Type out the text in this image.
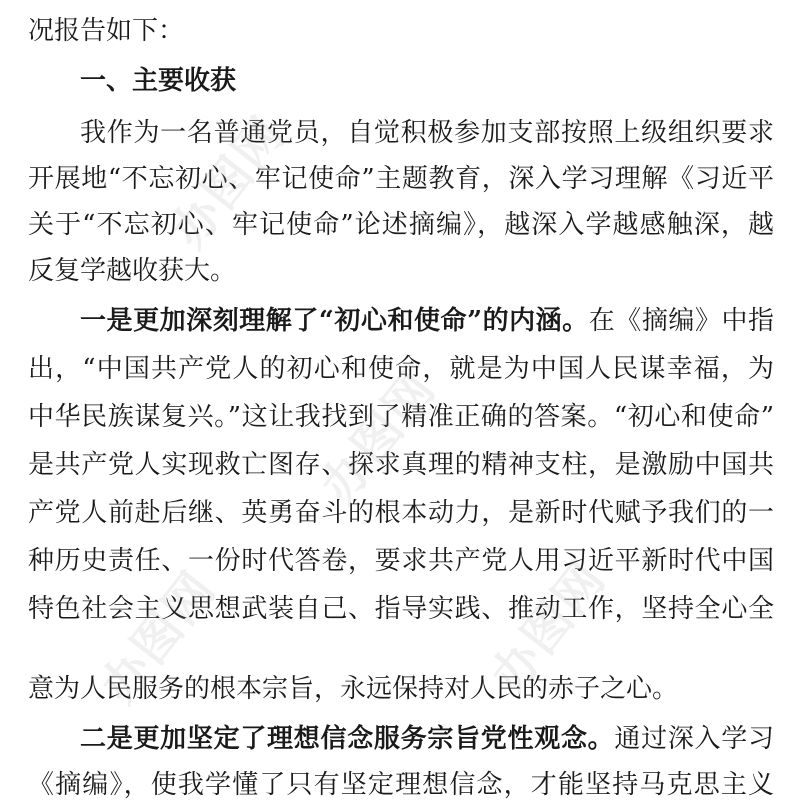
况报告如下：
一、主要收获
我作为一名普通党员，自觉积极参加支部按照上级组织要求
开展地“不忘初心、牢记使命”主题教育，深入学习理解《习近平
关于“不忘初心、牢记使命”论述摘编》，越深入学越感触深，越
反复学越收获大。
一是更加深刻理解了“初心和使命”的内涵。在《摘编》中指
出，“中国共产党人的初心和使命，就是为中国人民谋幸福，为
中华民族谋复兴。”这让我找到了精准正确的答案。“初心和使命”
是共产党人实现救亡图存、探求真理的精神支柱，是激励中国共
产党人前赴后继、英勇奋斗的根本动力，是新时代赋予我们的一
种历史责任、一份时代答卷，要求共产党人用习近平新时代中国
特色社会主义思想武装自己、指导实践、推动工作，坚持全心全
意为人民服务的根本宗旨，永远保持对人民的赤子之心。
二是更加坚定了理想信念服务宗旨党性观念。通过深入学习
《摘编》，使我学懂了只有坚定理想信念，才能坚持马克思主义
办图网
办图网
办图网	办图网
